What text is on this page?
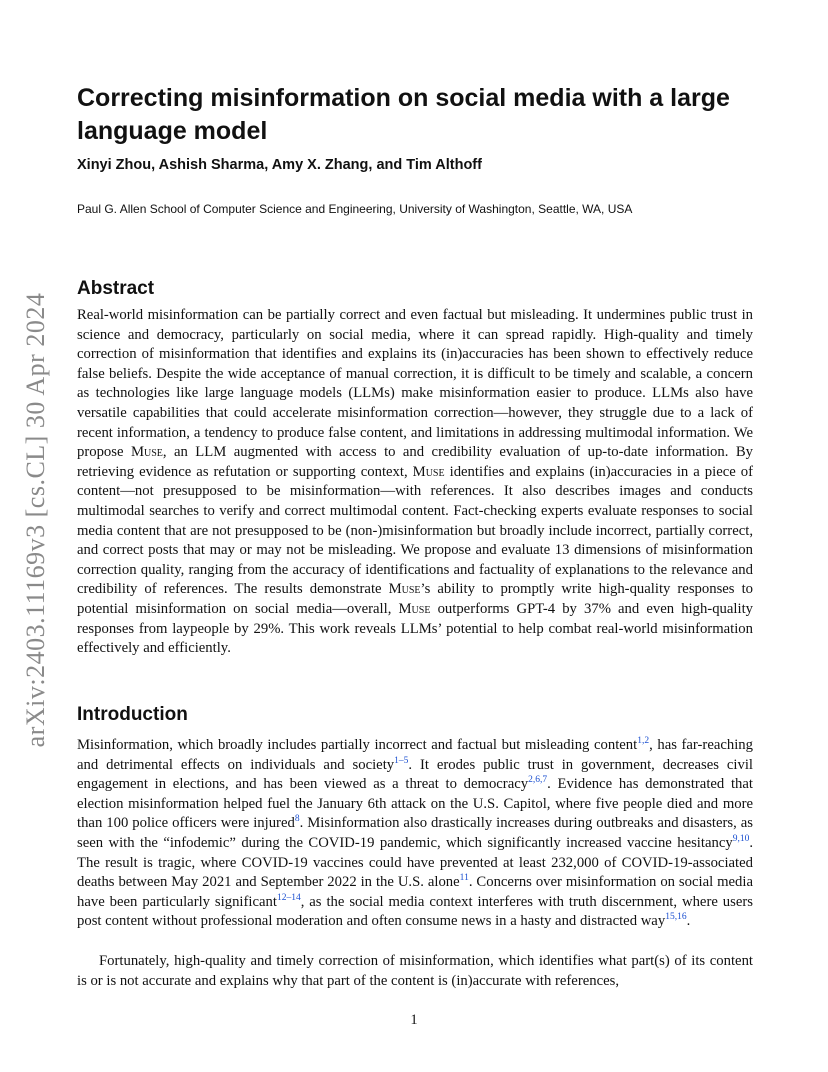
arXiv:2403.11169v3 [cs.CL] 30 Apr 2024
Correcting misinformation on social media with a large language model
Xinyi Zhou, Ashish Sharma, Amy X. Zhang, and Tim Althoff
Paul G. Allen School of Computer Science and Engineering, University of Washington, Seattle, WA, USA
Abstract

Real-world misinformation can be partially correct and even factual but misleading. It undermines public trust in science and democracy, particularly on social media, where it can spread rapidly. High-quality and timely correction of misinformation that identifies and explains its (in)accuracies has been shown to effectively reduce false beliefs. Despite the wide acceptance of manual correction, it is difficult to be timely and scalable, a concern as technologies like large language models (LLMs) make misinformation easier to produce. LLMs also have versatile capabilities that could accelerate misinformation correction—however, they struggle due to a lack of recent information, a tendency to produce false content, and limitations in addressing multimodal information. We propose Muse, an LLM augmented with access to and credibility evaluation of up-to-date information. By retrieving evidence as refutation or supporting context, Muse identifies and explains (in)accuracies in a piece of content—not presupposed to be misinformation—with references. It also describes images and conducts multimodal searches to verify and correct multimodal content. Fact-checking experts evaluate responses to social media content that are not presupposed to be (non-)misinformation but broadly include incorrect, partially correct, and correct posts that may or may not be misleading. We propose and evaluate 13 dimensions of misinformation correction quality, ranging from the accuracy of identifications and factuality of explanations to the relevance and credibility of references. The results demonstrate Muse’s ability to promptly write high-quality responses to potential misinformation on social media—overall, Muse outperforms GPT-4 by 37% and even high-quality responses from laypeople by 29%. This work reveals LLMs’ potential to help combat real-world misinformation effectively and efficiently.

Introduction

Misinformation, which broadly includes partially incorrect and factual but misleading content$^{1,2}$, has far-reaching and detrimental effects on individuals and society$^{1-5}$. It erodes public trust in government, decreases civil engagement in elections, and has been viewed as a threat to democracy$^{2,6,7}$. Evidence has demonstrated that election misinformation helped fuel the January 6th attack on the U.S. Capitol, where five people died and more than 100 police officers were injured$^8$. Misinformation also drastically increases during outbreaks and disasters, as seen with the “infodemic” during the COVID-19 pandemic, which significantly increased vaccine hesitancy$^{9,10}$. The result is tragic, where COVID-19 vaccines could have prevented at least 232,000 of COVID-19-associated deaths between May 2021 and September 2022 in the U.S. alone$^{11}$. Concerns over misinformation on social media have been particularly significant$^{12-14}$, as the social media context interferes with truth discernment, where users post content without professional moderation and often consume news in a hasty and distracted way$^{15,16}$.

Fortunately, high-quality and timely correction of misinformation, which identifies what part(s) of its content is or is not accurate and explains why that part of the content is (in)accurate with references,

1
